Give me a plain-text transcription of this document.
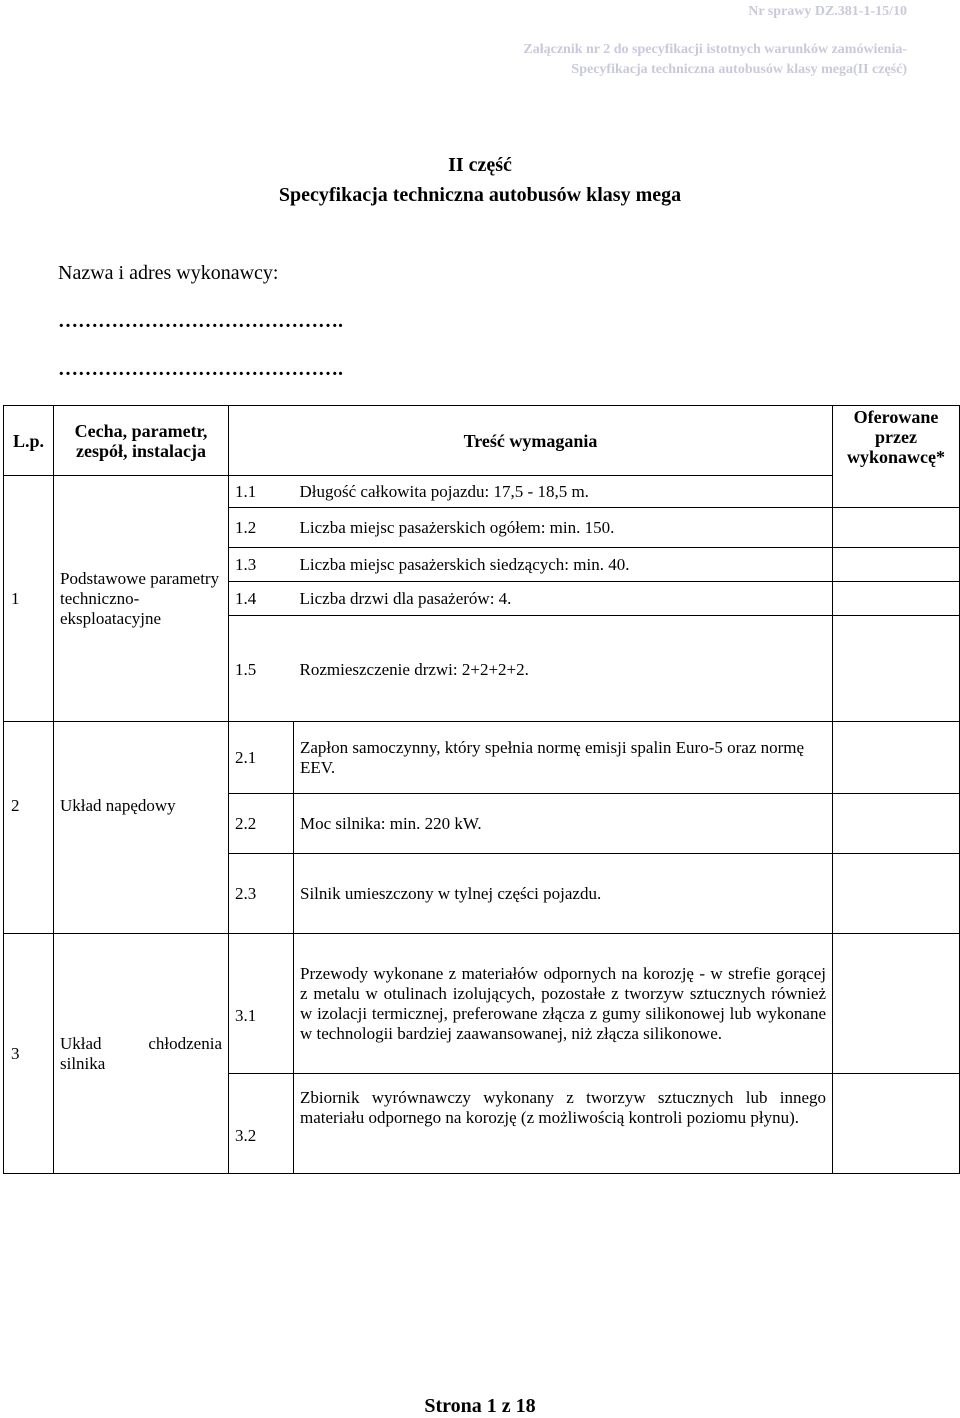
Nr sprawy DZ.381-1-15/10
Załącznik nr 2 do specyfikacji istotnych warunków zamówienia-
Specyfikacja techniczna autobusów klasy mega(II część)
II część
Specyfikacja techniczna autobusów klasy mega
Nazwa i adres wykonawcy:
…………………………………….
…………………………………….
L.p.	Cecha, parametr, zespół, instalacja	Treść wymagania		Oferowane przez wykonawcę*
1	Podstawowe parametry techniczno-eksploatacyjne	1.1	Długość całkowita pojazdu: 17,5 - 18,5 m.	
		1.2	Liczba miejsc pasażerskich ogółem: min. 150.	
		1.3	Liczba miejsc pasażerskich siedzących: min. 40.	
		1.4	Liczba drzwi dla pasażerów: 4.	
		1.5	Rozmieszczenie drzwi: 2+2+2+2.	
2	Układ napędowy	2.1	Zapłon samoczynny, który spełnia normę emisji spalin Euro-5 oraz normę EEV.	
		2.2	Moc silnika: min. 220 kW.	
		2.3	Silnik umieszczony w tylnej części pojazdu.	
3	Układ chłodzenia silnika	3.1	Przewody wykonane z materiałów odpornych na korozję - w strefie gorącej z metalu w otulinach izolujących, pozostałe z tworzyw sztucznych również w izolacji termicznej, preferowane złącza z gumy silikonowej lub wykonane w technologii bardziej zaawansowanej, niż złącza silikonowe.	
		3.2	Zbiornik wyrównawczy wykonany z tworzyw sztucznych lub innego materiału odpornego na korozję (z możliwością kontroli poziomu płynu).	
Strona 1 z 18
